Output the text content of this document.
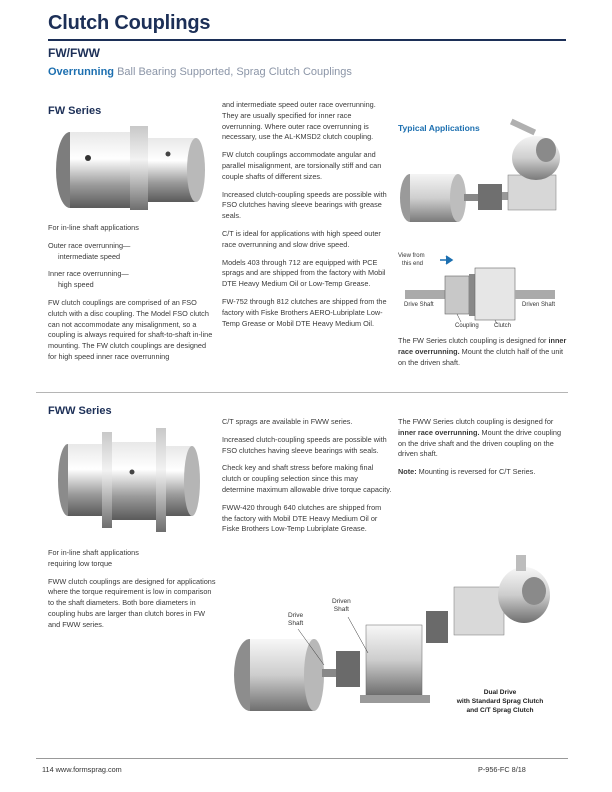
Clutch Couplings
FW/FWW
Overrunning Ball Bearing Supported, Sprag Clutch Couplings
FW Series

For in-line shaft applications

Outer race overrunning—
intermediate speed

Inner race overrunning—
high speed

FW clutch couplings are comprised of an FSO clutch with a disc coupling. The Model FSO clutch can not accommodate any misalignment, so a coupling is always required for shaft-to-shaft in-line mounting. The FW clutch couplings are designed for high speed inner race overrunning

and intermediate speed outer race overrunning. They are usually specified for inner race overrunning. Where outer race overrunning is necessary, use the AL-KMSD2 clutch coupling.

FW clutch couplings accommodate angular and parallel misalignment, are torsionally stiff and can couple shafts of different sizes.

Increased clutch-coupling speeds are possible with FSO clutches having sleeve bearings with grease seals.

C/T is ideal for applications with high speed outer race overrunning and slow drive speed.

Models 403 through 712 are equipped with PCE sprags and are shipped from the factory with Mobil DTE Heavy Medium Oil or Low-Temp Grease.

FW-752 through 812 clutches are shipped from the factory with Fiske Brothers AERO-Lubriplate Low-Temp Grease or Mobil DTE Heavy Medium Oil.

Typical Applications
View from
this end
Drive Shaft	Driven Shaft
Coupling	Clutch

The FW Series clutch coupling is designed for inner race overrunning. Mount the clutch half of the unit on the driven shaft.

FWW Series

For in-line shaft applications
requiring low torque

FWW clutch couplings are designed for applications where the torque requirement is low in comparison to the shaft diameters. Both bore diameters in coupling hubs are larger than clutch bores in FW and FWW series.

C/T sprags are available in FWW series.

Increased clutch-coupling speeds are possible with FSO clutches having sleeve bearings with seals.

Check key and shaft stress before making final clutch or coupling selection since this may determine maximum allowable drive torque capacity.

FWW-420 through 640 clutches are shipped from the factory with Mobil DTE Heavy Medium Oil or Fiske Brothers Low-Temp Lubriplate Grease.

The FWW Series clutch coupling is designed for inner race overrunning. Mount the drive coupling on the drive shaft and the driven coupling on the driven shaft.

Note: Mounting is reversed for C/T Series.

Drive
Shaft
Driven
Shaft
Dual Drive
with Standard Sprag Clutch
and C/T Sprag Clutch
114 www.formsprag.com	P-956-FC 8/18
